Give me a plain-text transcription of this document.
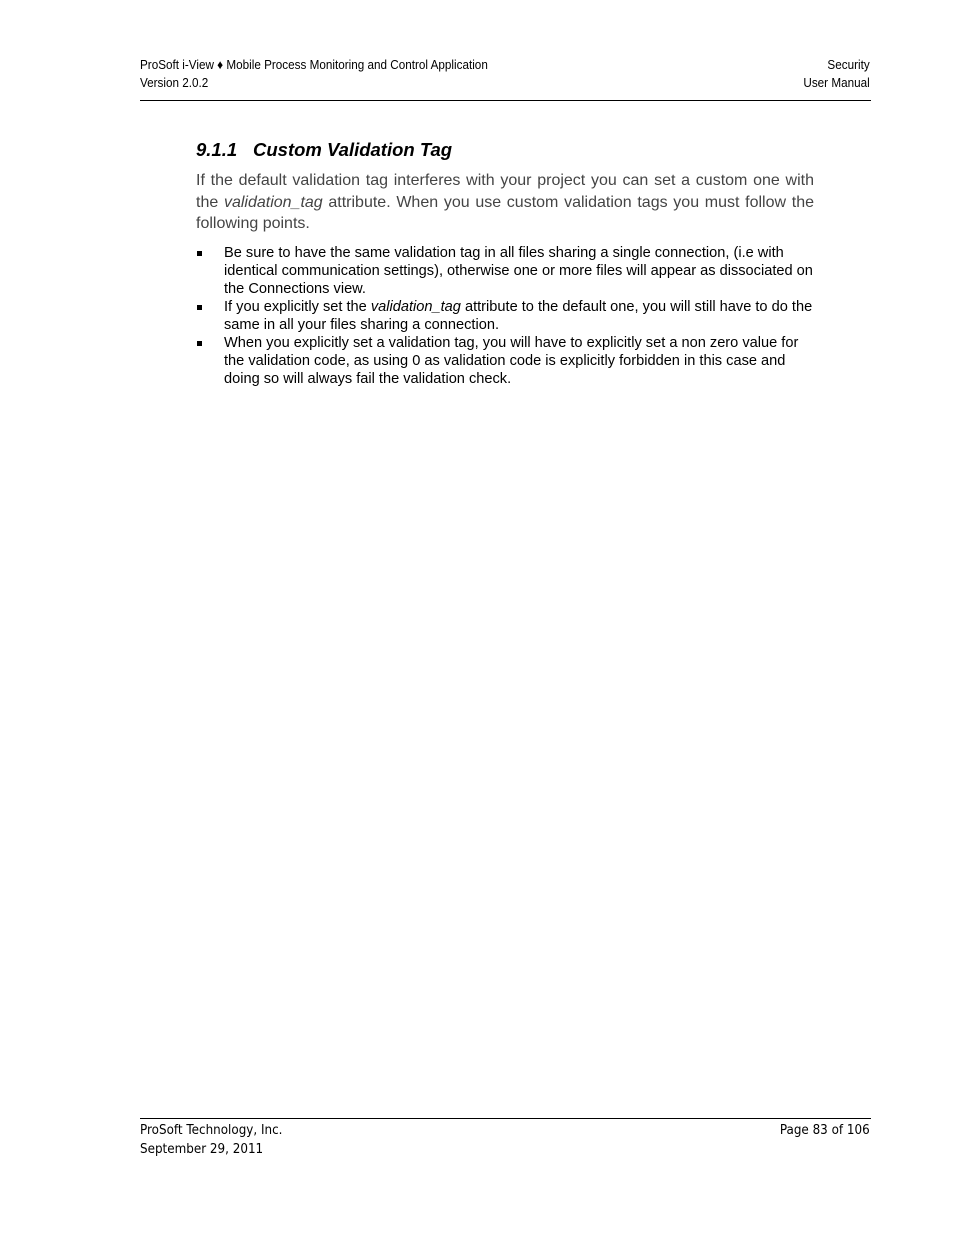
ProSoft i-View ♦ Mobile Process Monitoring and Control Application
Version 2.0.2
Security
User Manual
9.1.1 Custom Validation Tag
If the default validation tag interferes with your project you can set a custom one with the validation_tag attribute. When you use custom validation tags you must follow the following points.
Be sure to have the same validation tag in all files sharing a single connection, (i.e with identical communication settings), otherwise one or more files will appear as dissociated on the Connections view.
If you explicitly set the validation_tag attribute to the default one, you will still have to do the same in all your files sharing a connection.
When you explicitly set a validation tag, you will have to explicitly set a non zero value for the validation code, as using 0 as validation code is explicitly forbidden in this case and doing so will always fail the validation check.
ProSoft Technology, Inc.
September 29, 2011
Page 83 of 106
